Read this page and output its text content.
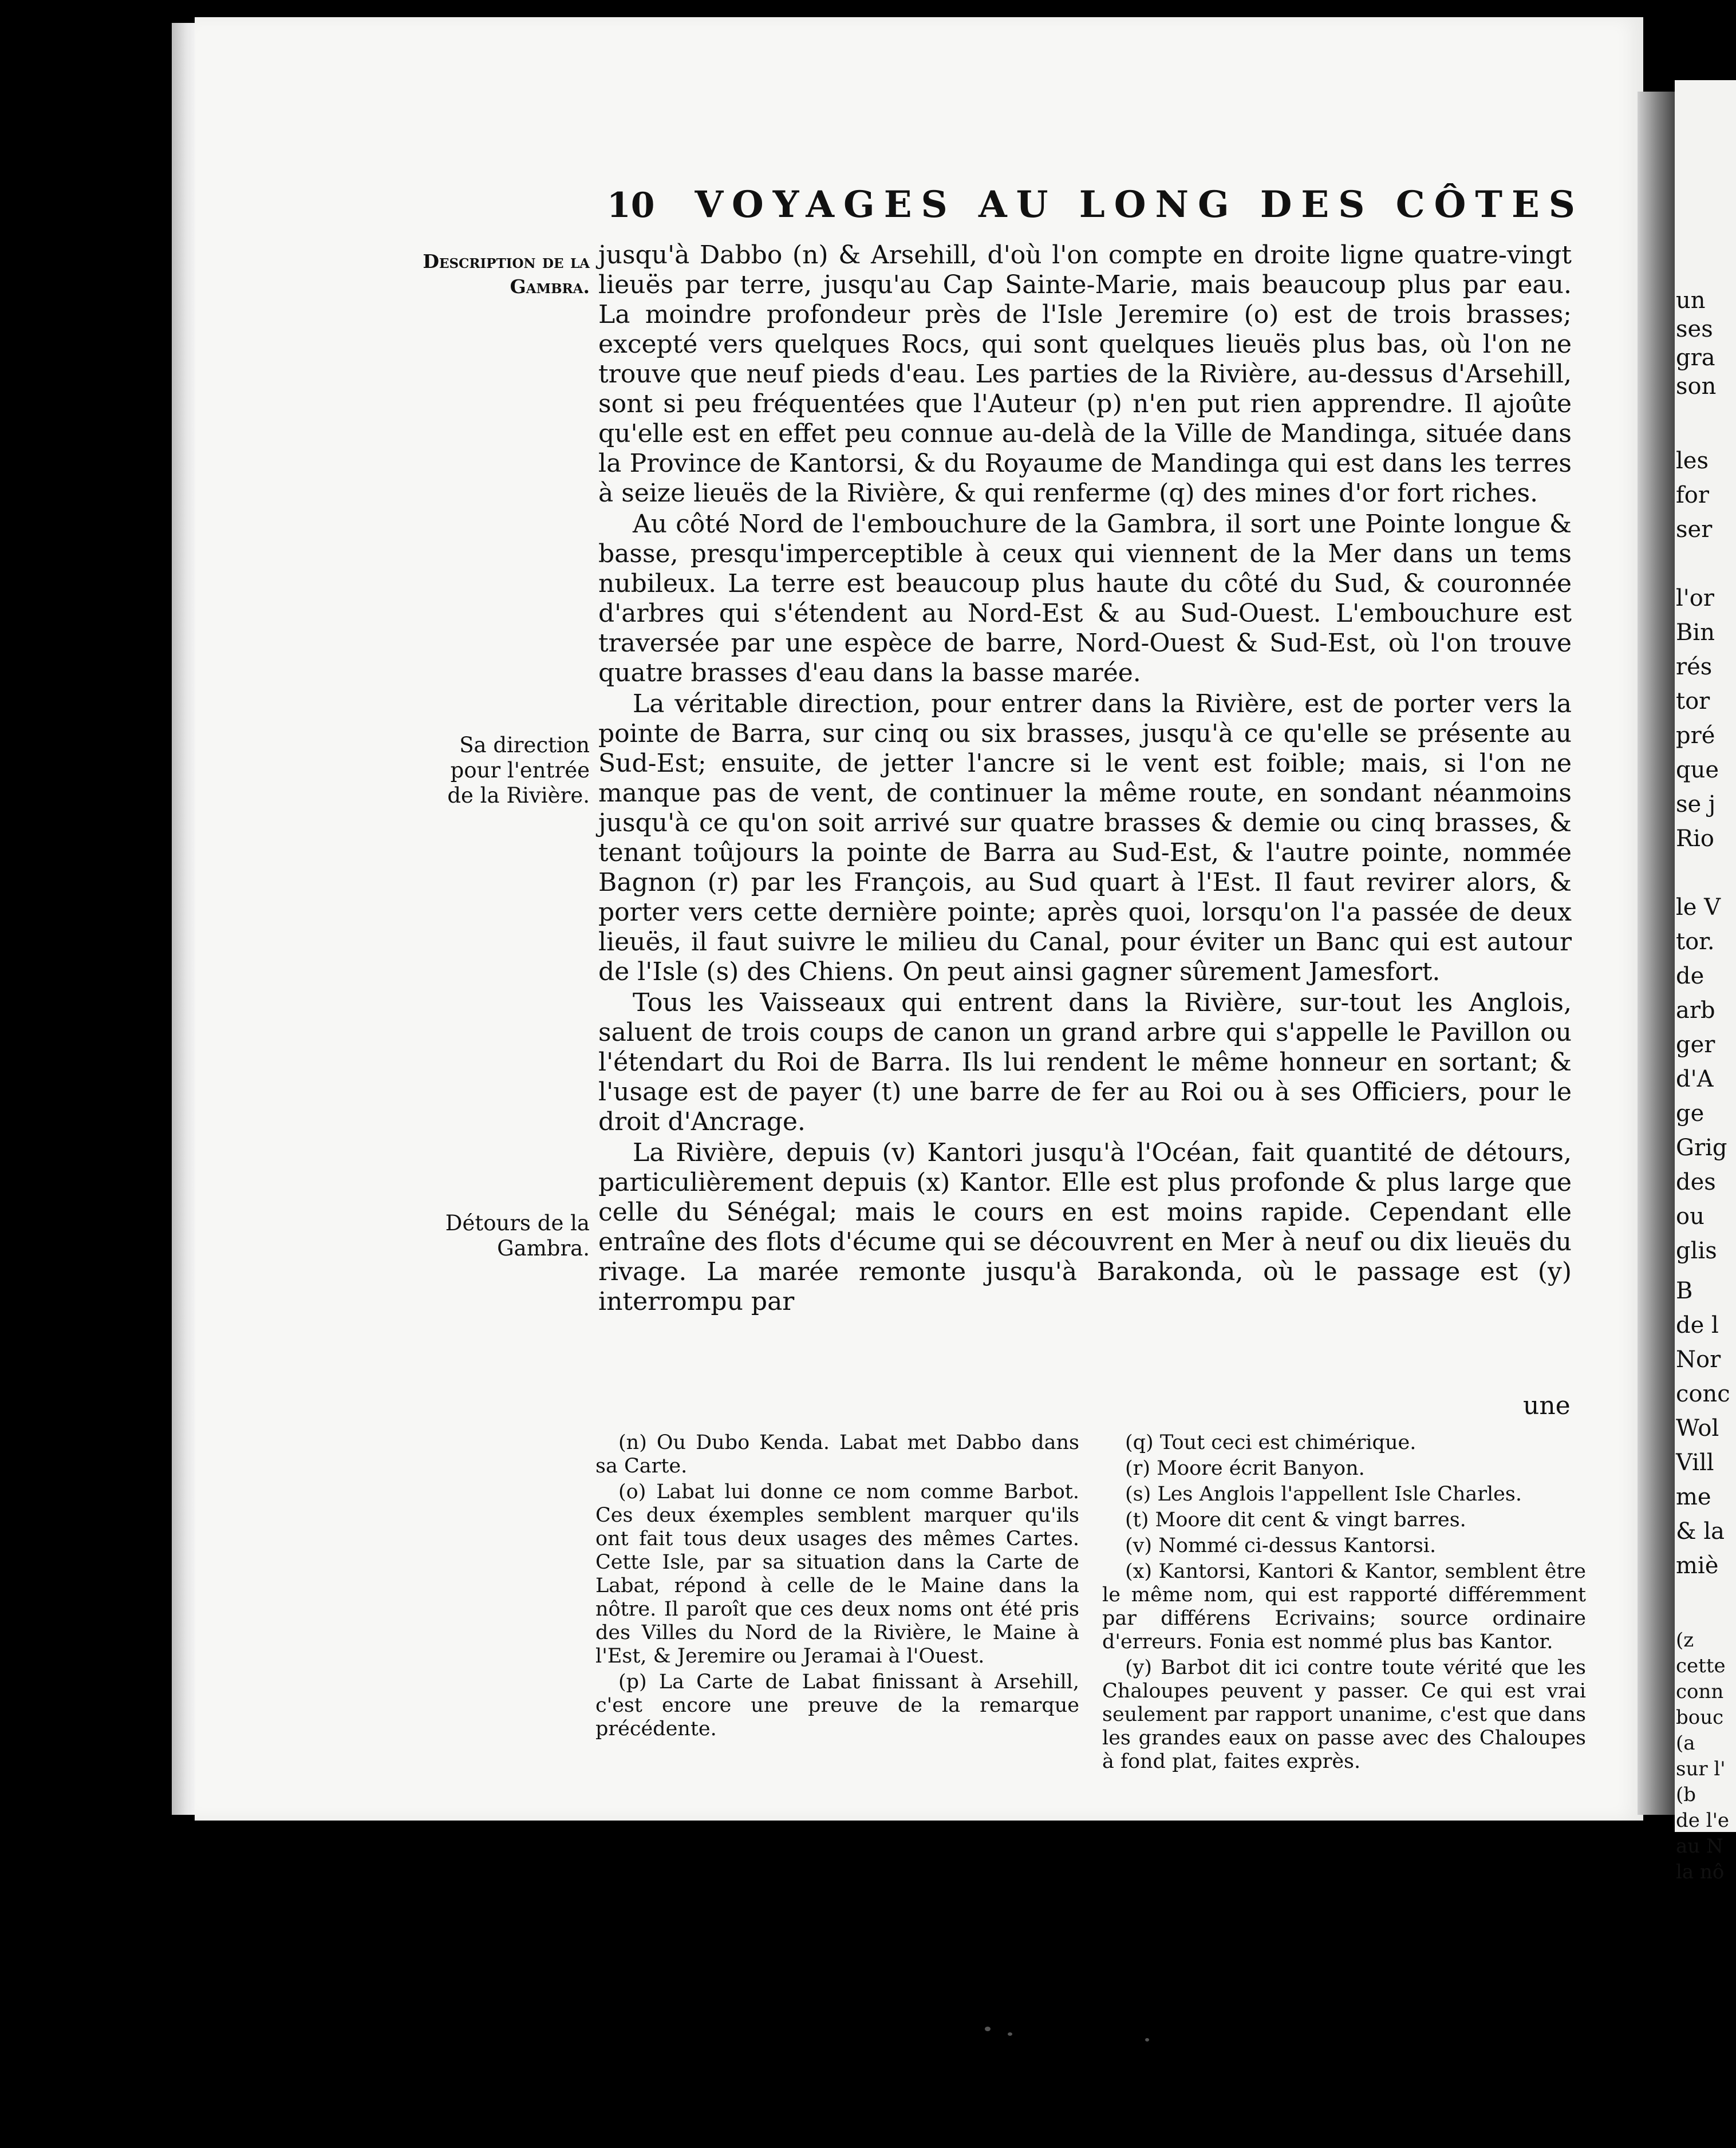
un
ses
gra
son
les
for
ser
l'or
Bin
rés
tor
pré
que
se j
Rio
le V
tor.
de
arb
ger
d'A
ge
Grig
des
ou
glis
B
de l
Nor
conc
Wol
Vill
me
& la
miè
(z
cette
conn
bouc
(a
sur l'
(b
de l'e
au N
la nô
10 VOYAGES AU LONG DES CÔTES
Description de la Gambra.
Sa direction pour l'entrée de la Rivière.
Détours de la Gambra.

jusqu'à Dabbo (n) & Arsehill, d'où l'on compte en droite ligne quatre-vingt lieuës par terre, jusqu'au Cap Sainte-Marie, mais beaucoup plus par eau. La moindre profondeur près de l'Isle Jeremire (o) est de trois brasses; excepté vers quelques Rocs, qui sont quelques lieuës plus bas, où l'on ne trouve que neuf pieds d'eau. Les parties de la Rivière, au-dessus d'Arsehill, sont si peu fréquentées que l'Auteur (p) n'en put rien apprendre. Il ajoûte qu'elle est en effet peu connue au-delà de la Ville de Mandinga, située dans la Province de Kantorsi, & du Royaume de Mandinga qui est dans les terres à seize lieuës de la Rivière, & qui renferme (q) des mines d'or fort riches.

Au côté Nord de l'embouchure de la Gambra, il sort une Pointe longue & basse, presqu'imperceptible à ceux qui viennent de la Mer dans un tems nubileux. La terre est beaucoup plus haute du côté du Sud, & couronnée d'arbres qui s'étendent au Nord-Est & au Sud-Ouest. L'embouchure est traversée par une espèce de barre, Nord-Ouest & Sud-Est, où l'on trouve quatre brasses d'eau dans la basse marée.

La véritable direction, pour entrer dans la Rivière, est de porter vers la pointe de Barra, sur cinq ou six brasses, jusqu'à ce qu'elle se présente au Sud-Est; ensuite, de jetter l'ancre si le vent est foible; mais, si l'on ne manque pas de vent, de continuer la même route, en sondant néanmoins jusqu'à ce qu'on soit arrivé sur quatre brasses & demie ou cinq brasses, & tenant toûjours la pointe de Barra au Sud-Est, & l'autre pointe, nommée Bagnon (r) par les François, au Sud quart à l'Est. Il faut revirer alors, & porter vers cette dernière pointe; après quoi, lorsqu'on l'a passée de deux lieuës, il faut suivre le milieu du Canal, pour éviter un Banc qui est autour de l'Isle (s) des Chiens. On peut ainsi gagner sûrement Jamesfort.

Tous les Vaisseaux qui entrent dans la Rivière, sur-tout les Anglois, saluent de trois coups de canon un grand arbre qui s'appelle le Pavillon ou l'étendart du Roi de Barra. Ils lui rendent le même honneur en sortant; & l'usage est de payer (t) une barre de fer au Roi ou à ses Officiers, pour le droit d'Ancrage.

La Rivière, depuis (v) Kantori jusqu'à l'Océan, fait quantité de détours, particulièrement depuis (x) Kantor. Elle est plus profonde & plus large que celle du Sénégal; mais le cours en est moins rapide. Cependant elle entraîne des flots d'écume qui se découvrent en Mer à neuf ou dix lieuës du rivage. La marée remonte jusqu'à Barakonda, où le passage est (y) interrompu par

une

(n) Ou Dubo Kenda. Labat met Dabbo dans sa Carte.

(o) Labat lui donne ce nom comme Barbot. Ces deux éxemples semblent marquer qu'ils ont fait tous deux usages des mêmes Cartes. Cette Isle, par sa situation dans la Carte de Labat, répond à celle de le Maine dans la nôtre. Il paroît que ces deux noms ont été pris des Villes du Nord de la Rivière, le Maine à l'Est, & Jeremire ou Jeramai à l'Ouest.

(p) La Carte de Labat finissant à Arsehill, c'est encore une preuve de la remarque précédente.

(q) Tout ceci est chimérique.

(r) Moore écrit Banyon.

(s) Les Anglois l'appellent Isle Charles.

(t) Moore dit cent & vingt barres.

(v) Nommé ci-dessus Kantorsi.

(x) Kantorsi, Kantori & Kantor, semblent être le même nom, qui est rapporté différemment par différens Ecrivains; source ordinaire d'erreurs. Fonia est nommé plus bas Kantor.

(y) Barbot dit ici contre toute vérité que les Chaloupes peuvent y passer. Ce qui est vrai seulement par rapport unanime, c'est que dans les grandes eaux on passe avec des Chaloupes à fond plat, faites exprès.
